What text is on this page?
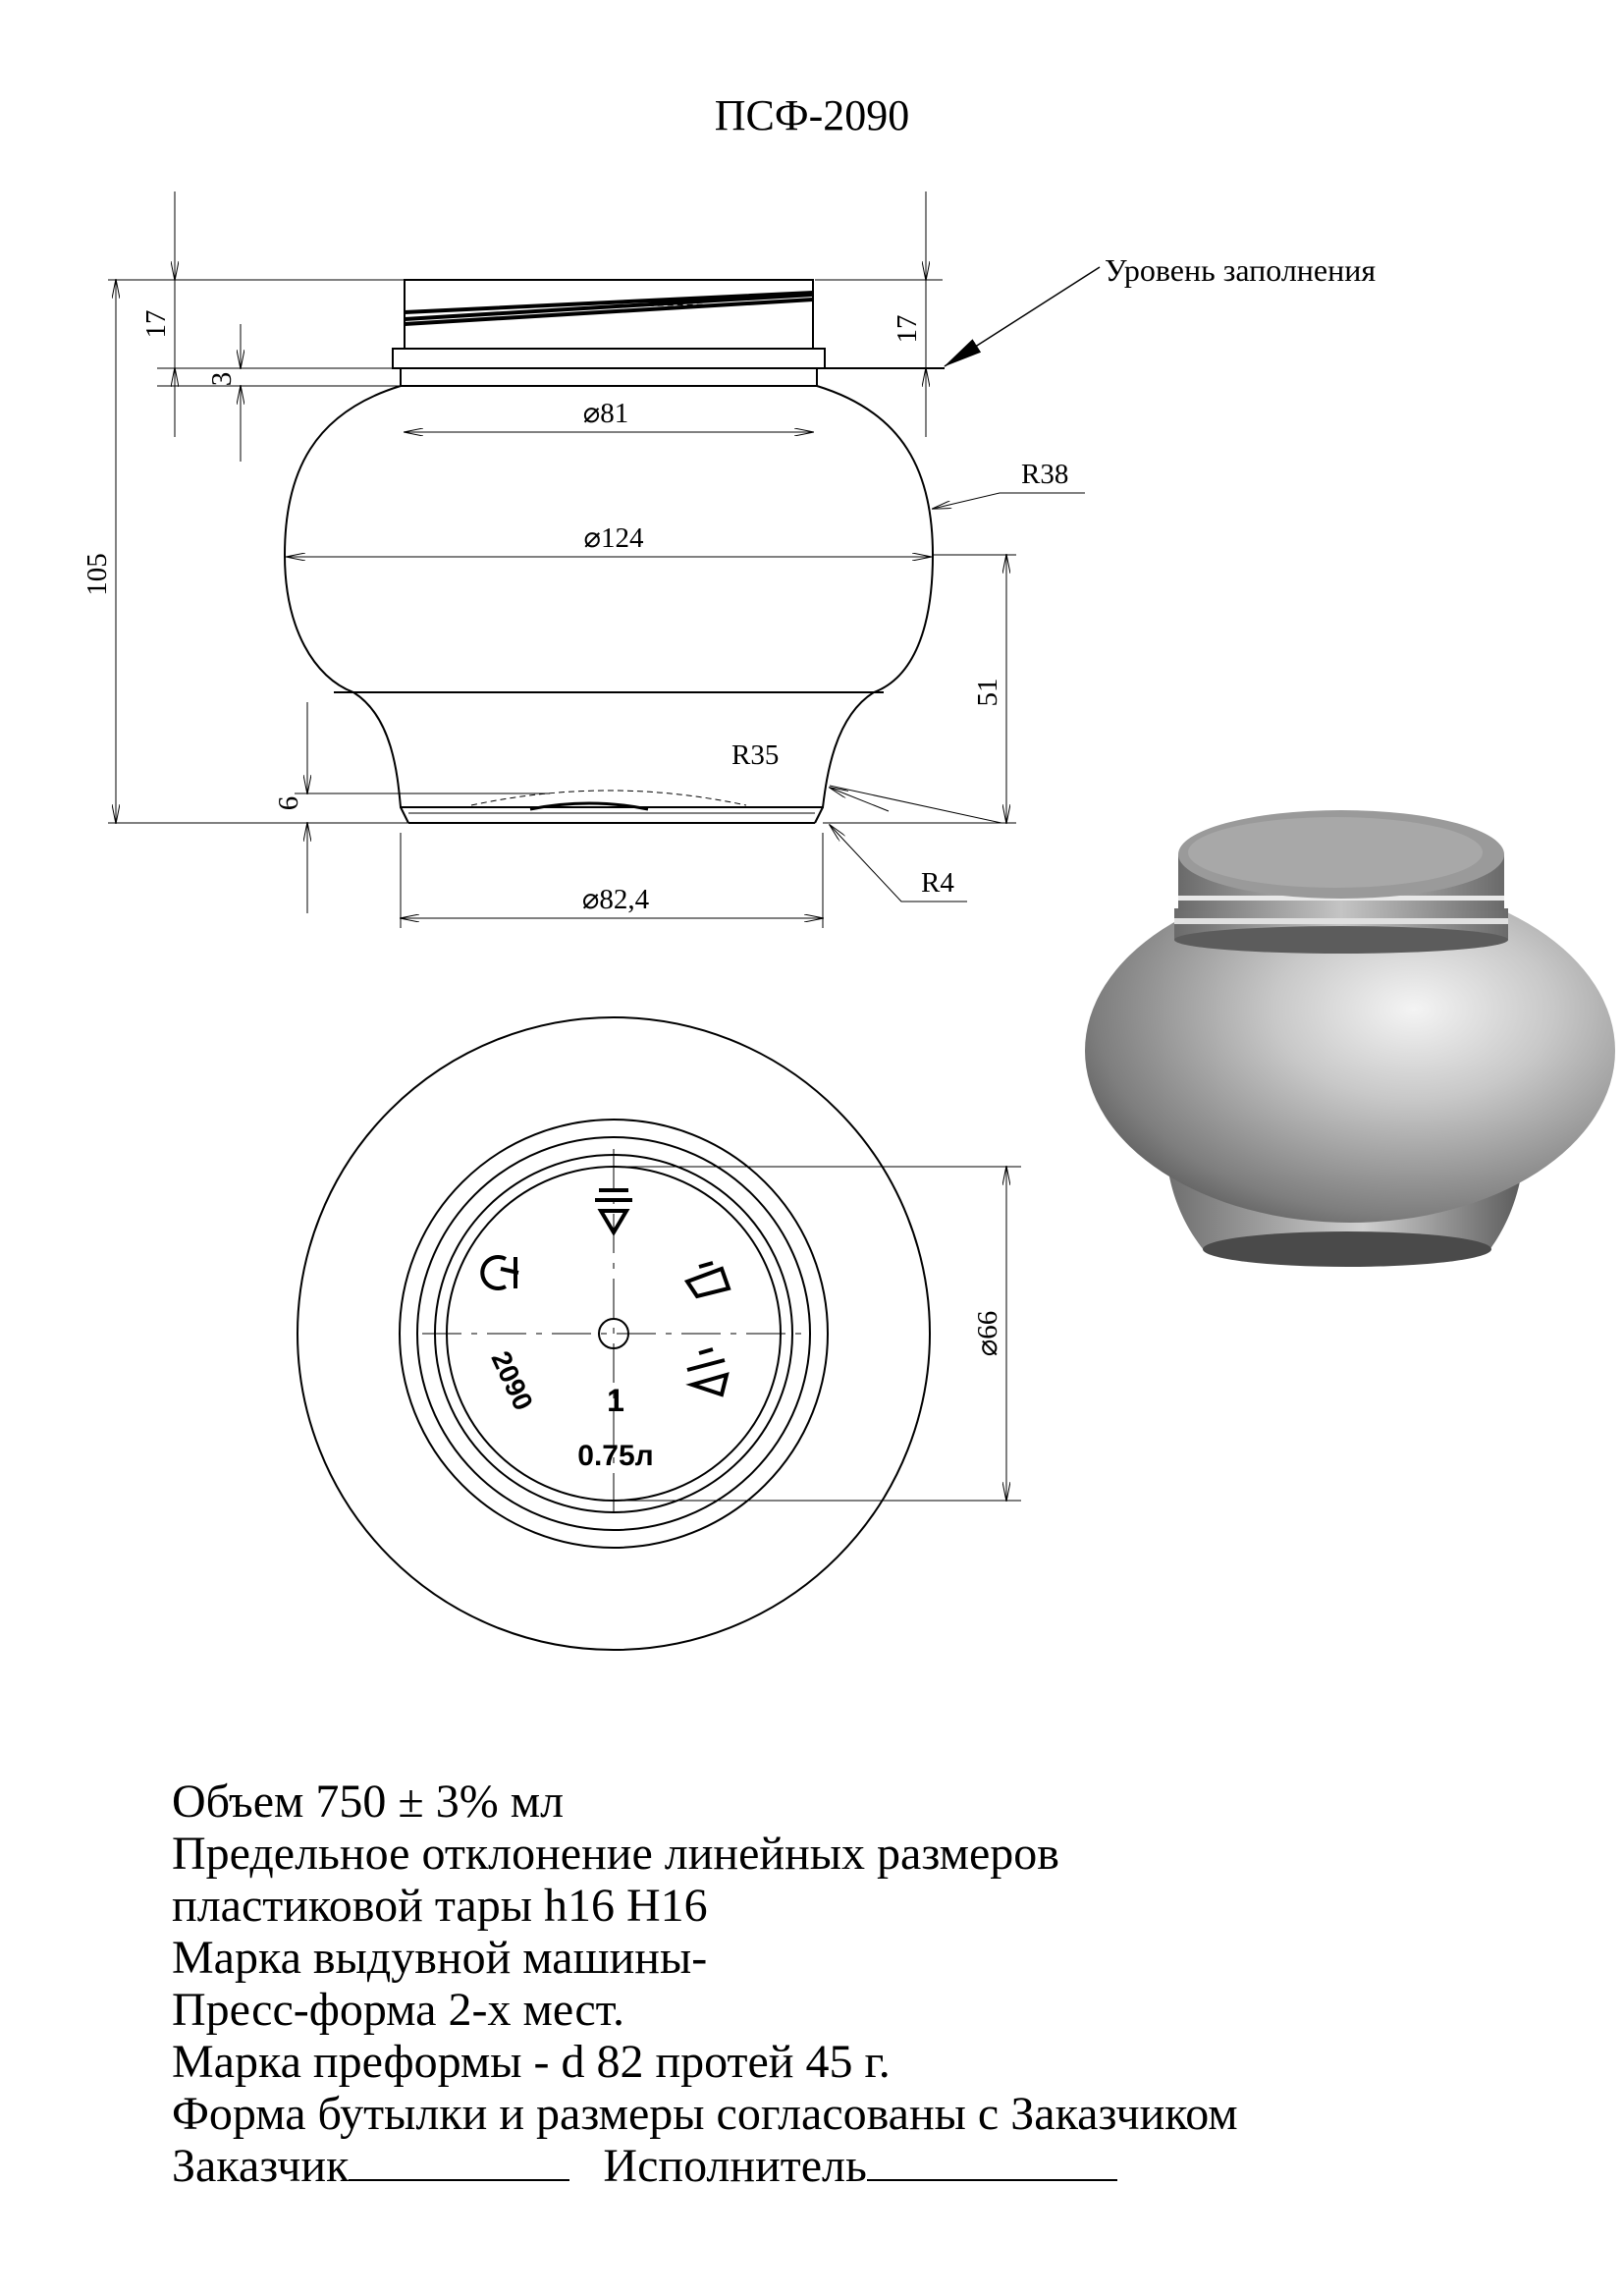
ПСФ-2090
Уровень заполнения
17	17
3
105
51
6
⌀81
⌀124
⌀82,4
R38
R35
R4
⌀66
2090 1
0.75л
Объем 750 ± 3% мл
Предельное отклонение линейных размеров
пластиковой тары h16 H16
Марка выдувной машины-
Пресс-форма 2-х мест.
Марка преформы - d 82 протей 45 г.
Форма бутылки и размеры согласованы с Заказчиком
Заказчик	Исполнитель
